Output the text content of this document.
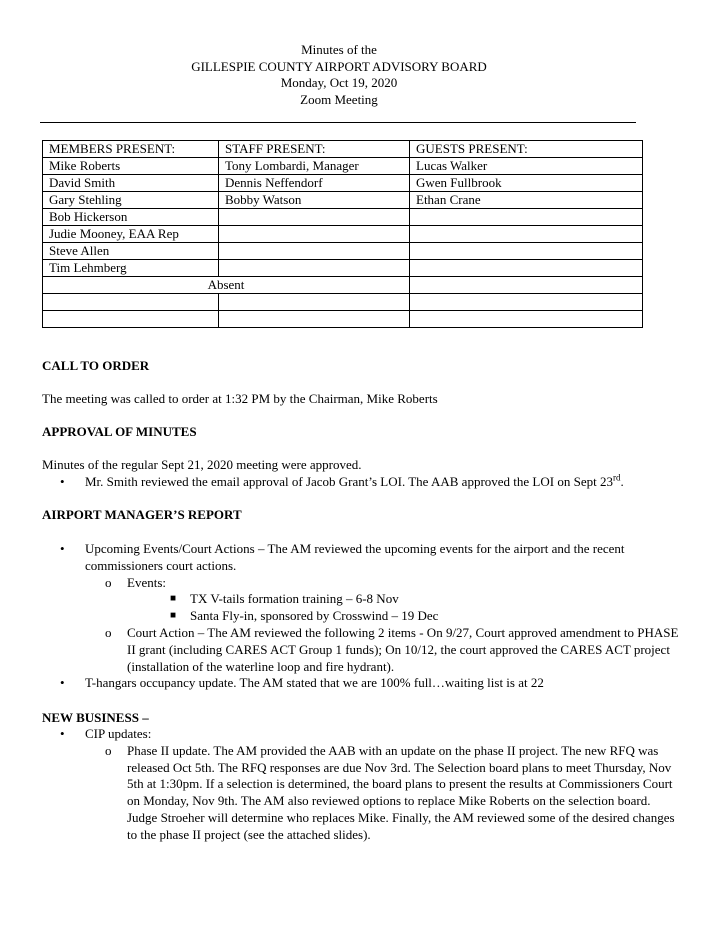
Minutes of the
GILLESPIE COUNTY AIRPORT ADVISORY BOARD
Monday, Oct 19, 2020
Zoom Meeting
MEMBERS PRESENT:	STAFF PRESENT:	GUESTS PRESENT:
Mike Roberts	Tony Lombardi, Manager	Lucas Walker
David Smith	Dennis Neffendorf	Gwen Fullbrook
Gary Stehling	Bobby Watson	Ethan Crane
Bob Hickerson		
Judie Mooney, EAA Rep		
Steve Allen		
Tim Lehmberg		
Absent		

CALL TO ORDER
The meeting was called to order at 1:32 PM by the Chairman, Mike Roberts
APPROVAL OF MINUTES
Minutes of the regular Sept 21, 2020 meeting were approved.
• Mr. Smith reviewed the email approval of Jacob Grant’s LOI. The AAB approved the LOI on Sept 23rd.
AIRPORT MANAGER’S REPORT
• Upcoming Events/Court Actions – The AM reviewed the upcoming events for the airport and the recent commissioners court actions.
o Events:
■ TX V-tails formation training – 6-8 Nov
■ Santa Fly-in, sponsored by Crosswind – 19 Dec
o Court Action – The AM reviewed the following 2 items - On 9/27, Court approved amendment to PHASE II grant (including CARES ACT Group 1 funds); On 10/12, the court approved the CARES ACT project (installation of the waterline loop and fire hydrant).
• T-hangars occupancy update. The AM stated that we are 100% full…waiting list is at 22
NEW BUSINESS –
• CIP updates:
o Phase II update. The AM provided the AAB with an update on the phase II project. The new RFQ was released Oct 5th. The RFQ responses are due Nov 3rd. The Selection board plans to meet Thursday, Nov 5th at 1:30pm. If a selection is determined, the board plans to present the results at Commissioners Court on Monday, Nov 9th. The AM also reviewed options to replace Mike Roberts on the selection board. Judge Stroeher will determine who replaces Mike. Finally, the AM reviewed some of the desired changes to the phase II project (see the attached slides).
